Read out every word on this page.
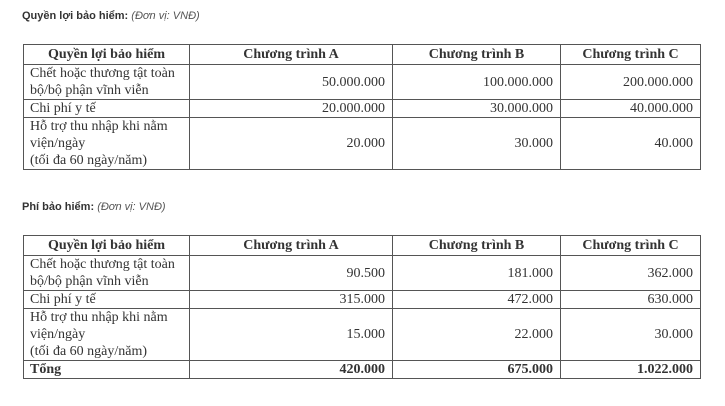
Quyền lợi bảo hiểm: (Đơn vị: VNĐ)
Quyền lợi bảo hiểm	Chương trình A	Chương trình B	Chương trình C
Chết hoặc thương tật toàn
bộ/bộ phận vĩnh viễn	50.000.000	100.000.000	200.000.000
Chi phí y tế	20.000.000	30.000.000	40.000.000
Hỗ trợ thu nhập khi nằm
viện/ngày
(tối đa 60 ngày/năm)	20.000	30.000	40.000
Phí bảo hiểm: (Đơn vị: VNĐ)
Quyền lợi bảo hiểm	Chương trình A	Chương trình B	Chương trình C
Chết hoặc thương tật toàn
bộ/bộ phận vĩnh viễn	90.500	181.000	362.000
Chi phí y tế	315.000	472.000	630.000
Hỗ trợ thu nhập khi nằm
viện/ngày
(tối đa 60 ngày/năm)	15.000	22.000	30.000
Tổng	420.000	675.000	1.022.000
